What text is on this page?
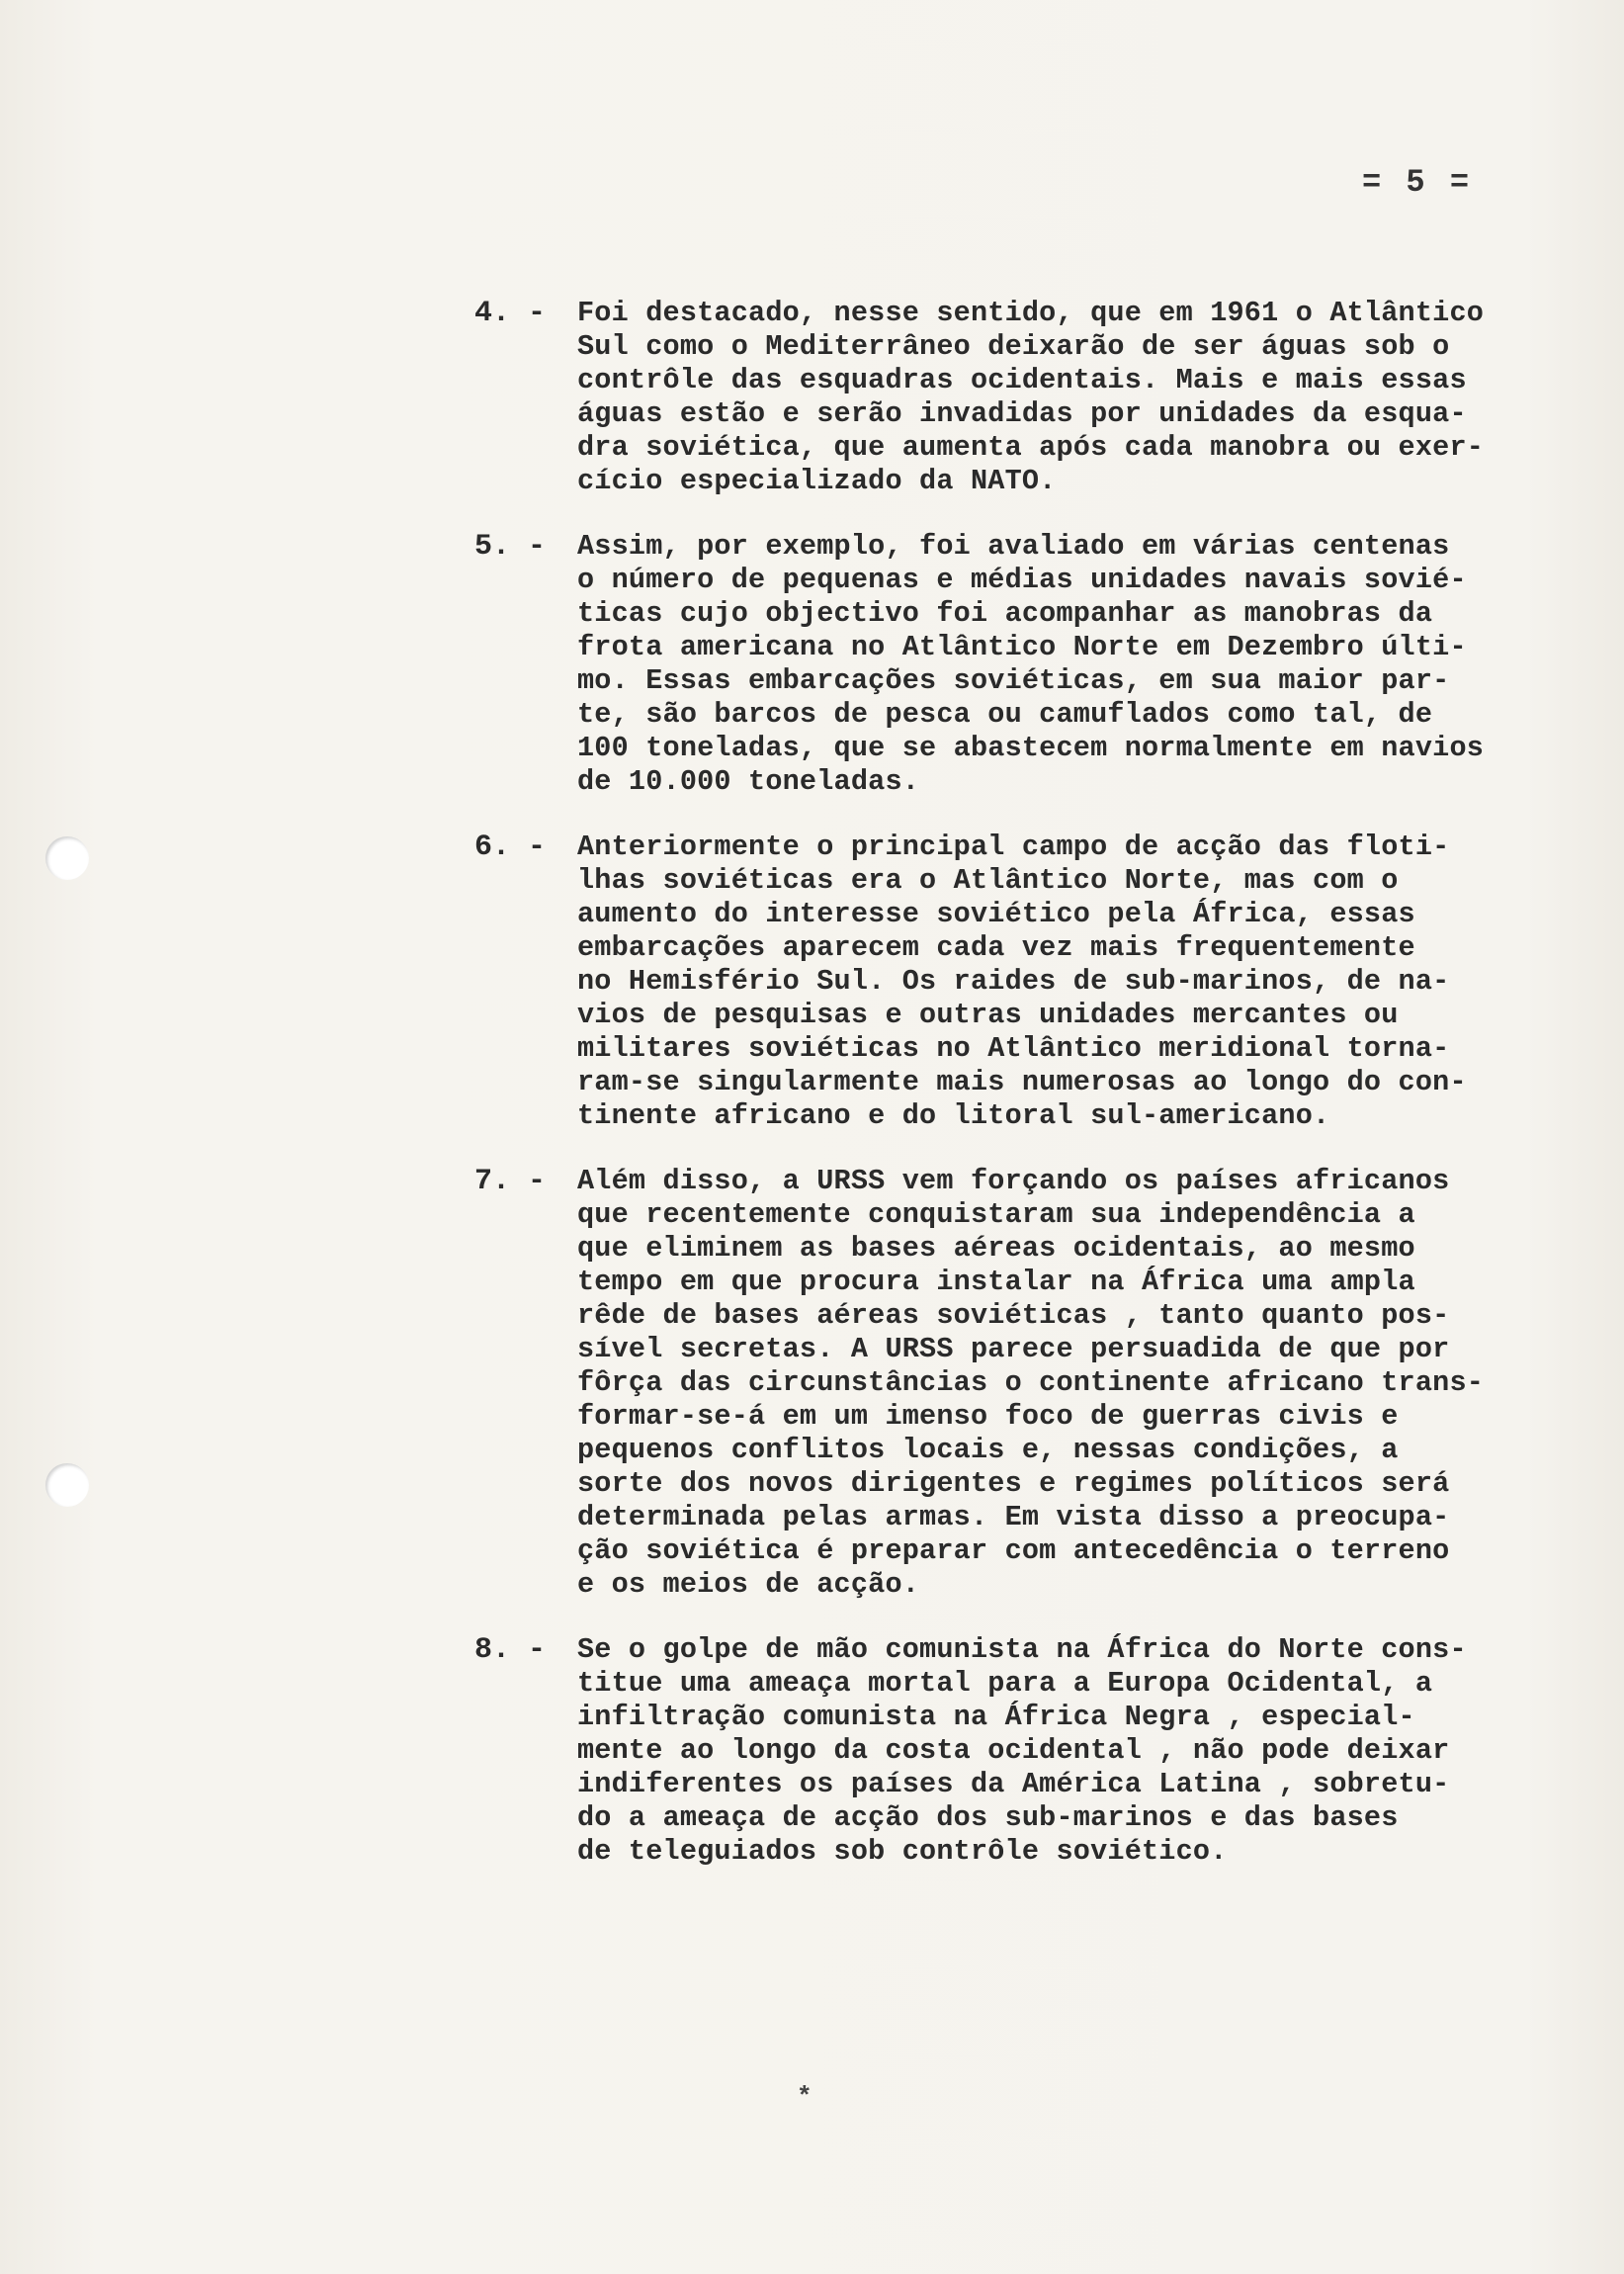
= 5 =
4. - Foi destacado, nesse sentido, que em 1961 o Atlântico
Sul como o Mediterrâneo deixarão de ser águas sob o
contrôle das esquadras ocidentais. Mais e mais essas
águas estão e serão invadidas por unidades da esqua-
dra soviética, que aumenta após cada manobra ou exer-
cício especializado da NATO.
5. - Assim, por exemplo, foi avaliado em várias centenas
o número de pequenas e médias unidades navais sovié-
ticas cujo objectivo foi acompanhar as manobras da
frota americana no Atlântico Norte em Dezembro últi-
mo. Essas embarcações soviéticas, em sua maior par-
te, são barcos de pesca ou camuflados como tal, de
100 toneladas, que se abastecem normalmente em navios
de 10.000 toneladas.
6. - Anteriormente o principal campo de acção das floti-
lhas soviéticas era o Atlântico Norte, mas com o
aumento do interesse soviético pela África, essas
embarcações aparecem cada vez mais frequentemente
no Hemisfério Sul. Os raides de sub-marinos, de na-
vios de pesquisas e outras unidades mercantes ou
militares soviéticas no Atlântico meridional torna-
ram-se singularmente mais numerosas ao longo do con-
tinente africano e do litoral sul-americano.
7. - Além disso, a URSS vem forçando os países africanos
que recentemente conquistaram sua independência a
que eliminem as bases aéreas ocidentais, ao mesmo
tempo em que procura instalar na África uma ampla
rêde de bases aéreas soviéticas , tanto quanto pos-
sível secretas. A URSS parece persuadida de que por
fôrça das circunstâncias o continente africano trans-
formar-se-á em um imenso foco de guerras civis e
pequenos conflitos locais e, nessas condições, a
sorte dos novos dirigentes e regimes políticos será
determinada pelas armas. Em vista disso a preocupa-
ção soviética é preparar com antecedência o terreno
e os meios de acção.
8. - Se o golpe de mão comunista na África do Norte cons-
titue uma ameaça mortal para a Europa Ocidental, a
infiltração comunista na África Negra , especial-
mente ao longo da costa ocidental , não pode deixar
indiferentes os países da América Latina , sobretu-
do a ameaça de acção dos sub-marinos e das bases
de teleguiados sob contrôle soviético.
*
